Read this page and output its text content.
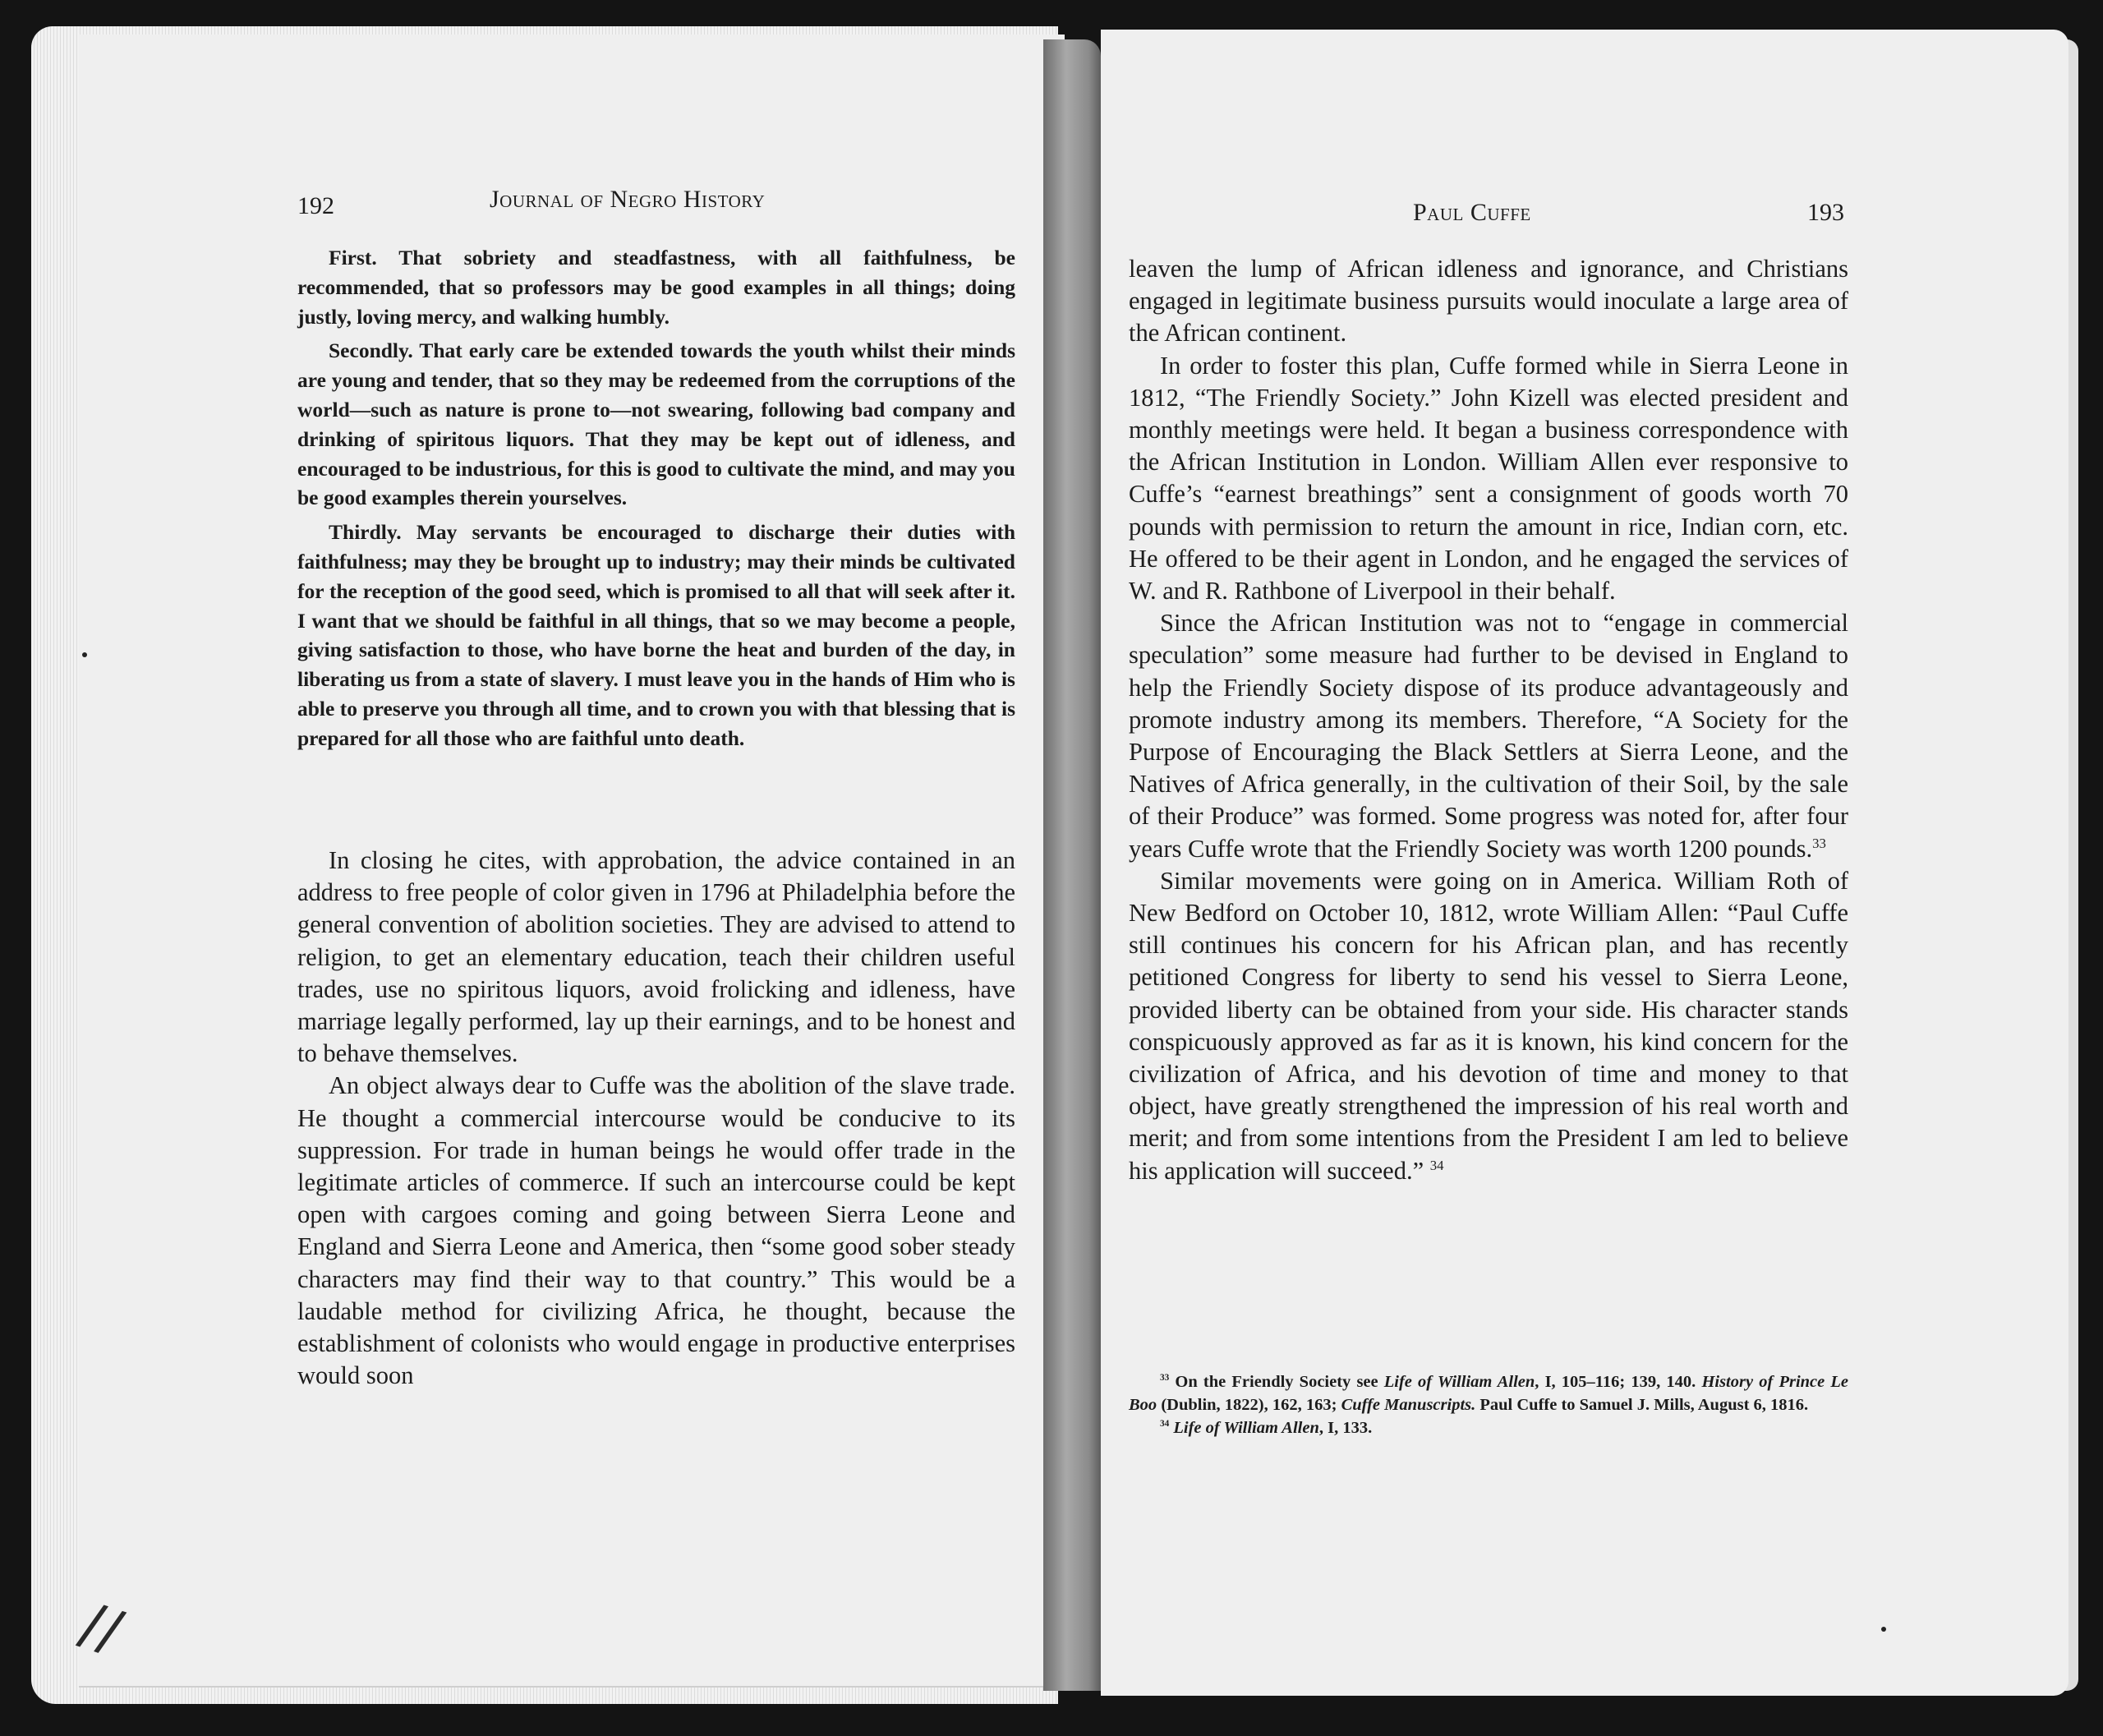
192	Journal of Negro History

First. That sobriety and steadfastness, with all faithfulness, be recommended, that so professors may be good examples in all things; doing justly, loving mercy, and walking humbly.

Secondly. That early care be extended towards the youth whilst their minds are young and tender, that so they may be redeemed from the corruptions of the world—such as nature is prone to—not swearing, following bad company and drinking of spiritous liquors. That they may be kept out of idleness, and encouraged to be industrious, for this is good to cultivate the mind, and may you be good examples therein yourselves.

Thirdly. May servants be encouraged to discharge their duties with faithfulness; may they be brought up to industry; may their minds be cultivated for the reception of the good seed, which is promised to all that will seek after it. I want that we should be faithful in all things, that so we may become a people, giving satisfaction to those, who have borne the heat and burden of the day, in liberating us from a state of slavery. I must leave you in the hands of Him who is able to preserve you through all time, and to crown you with that blessing that is prepared for all those who are faithful unto death.

In closing he cites, with approbation, the advice contained in an address to free people of color given in 1796 at Philadelphia before the general convention of abolition societies. They are advised to attend to religion, to get an elementary education, teach their children useful trades, use no spiritous liquors, avoid frolicking and idleness, have marriage legally performed, lay up their earnings, and to be honest and to behave themselves.

An object always dear to Cuffe was the abolition of the slave trade. He thought a commercial intercourse would be conducive to its suppression. For trade in human beings he would offer trade in the legitimate articles of commerce. If such an intercourse could be kept open with cargoes coming and going between Sierra Leone and England and Sierra Leone and America, then “some good sober steady characters may find their way to that country.” This would be a laudable method for civilizing Africa, he thought, because the establishment of colonists who would engage in productive enterprises would soon

Paul Cuffe	193

leaven the lump of African idleness and ignorance, and Christians engaged in legitimate business pursuits would inoculate a large area of the African continent.

In order to foster this plan, Cuffe formed while in Sierra Leone in 1812, “The Friendly Society.” John Kizell was elected president and monthly meetings were held. It began a business correspondence with the African Institution in London. William Allen ever responsive to Cuffe’s “earnest breathings” sent a consignment of goods worth 70 pounds with permission to return the amount in rice, Indian corn, etc. He offered to be their agent in London, and he engaged the services of W. and R. Rathbone of Liverpool in their behalf.

Since the African Institution was not to “engage in commercial speculation” some measure had further to be devised in England to help the Friendly Society dispose of its produce advantageously and promote industry among its members. Therefore, “A Society for the Purpose of Encouraging the Black Settlers at Sierra Leone, and the Natives of Africa generally, in the cultivation of their Soil, by the sale of their Produce” was formed. Some progress was noted for, after four years Cuffe wrote that the Friendly Society was worth 1200 pounds.$^{33}$

Similar movements were going on in America. William Roth of New Bedford on October 10, 1812, wrote William Allen: “Paul Cuffe still continues his concern for his African plan, and has recently petitioned Congress for liberty to send his vessel to Sierra Leone, provided liberty can be obtained from your side. His character stands conspicuously approved as far as it is known, his kind concern for the civilization of Africa, and his devotion of time and money to that object, have greatly strengthened the impression of his real worth and merit; and from some intentions from the President I am led to believe his application will succeed.” $^{34}$

$^{33}$ On the Friendly Society see Life of William Allen, I, 105–116; 139, 140. History of Prince Le Boo (Dublin, 1822), 162, 163; Cuffe Manuscripts. Paul Cuffe to Samuel J. Mills, August 6, 1816.

$^{34}$ Life of William Allen, I, 133.

//
